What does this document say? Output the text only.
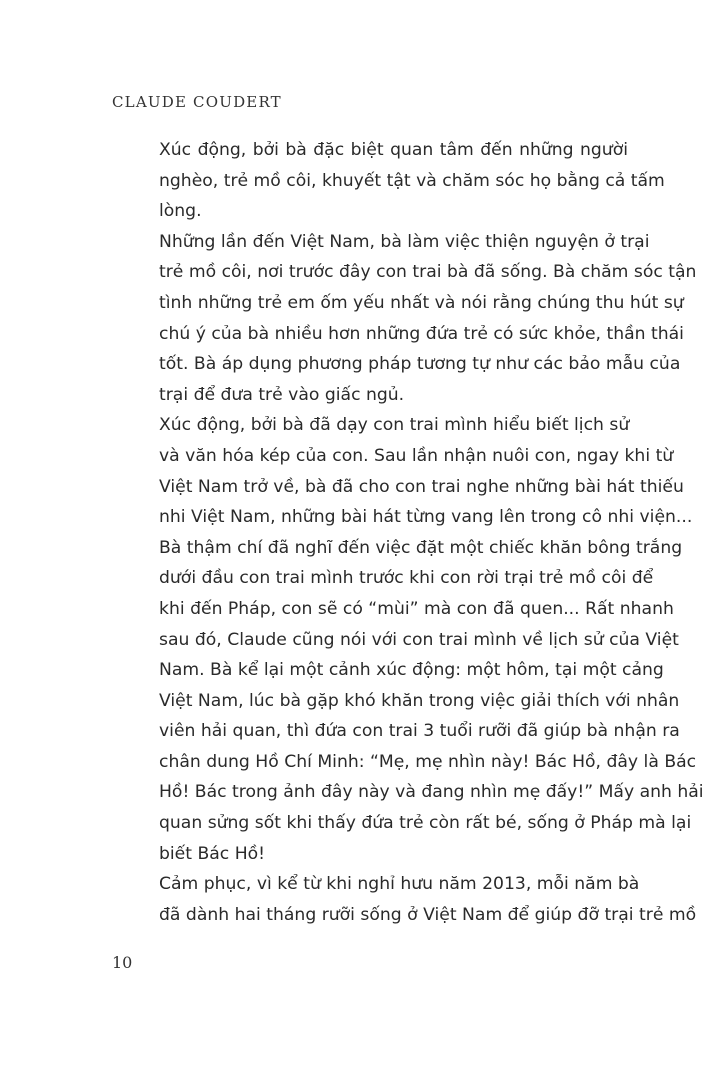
CLAUDE COUDERT

Xúc động, bởi bà đặc biệt quan tâm đến những người
nghèo, trẻ mồ côi, khuyết tật và chăm sóc họ bằng cả tấm
lòng.

Những lần đến Việt Nam, bà làm việc thiện nguyện ở trại
trẻ mồ côi, nơi trước đây con trai bà đã sống. Bà chăm sóc tận
tình những trẻ em ốm yếu nhất và nói rằng chúng thu hút sự
chú ý của bà nhiều hơn những đứa trẻ có sức khỏe, thần thái
tốt. Bà áp dụng phương pháp tương tự như các bảo mẫu của
trại để đưa trẻ vào giấc ngủ.

Xúc động, bởi bà đã dạy con trai mình hiểu biết lịch sử
và văn hóa kép của con. Sau lần nhận nuôi con, ngay khi từ
Việt Nam trở về, bà đã cho con trai nghe những bài hát thiếu
nhi Việt Nam, những bài hát từng vang lên trong cô nhi viện...
Bà thậm chí đã nghĩ đến việc đặt một chiếc khăn bông trắng
dưới đầu con trai mình trước khi con rời trại trẻ mồ côi để
khi đến Pháp, con sẽ có “mùi” mà con đã quen... Rất nhanh
sau đó, Claude cũng nói với con trai mình về lịch sử của Việt
Nam. Bà kể lại một cảnh xúc động: một hôm, tại một cảng
Việt Nam, lúc bà gặp khó khăn trong việc giải thích với nhân
viên hải quan, thì đứa con trai 3 tuổi rưỡi đã giúp bà nhận ra
chân dung Hồ Chí Minh: “Mẹ, mẹ nhìn này! Bác Hồ, đây là Bác
Hồ! Bác trong ảnh đây này và đang nhìn mẹ đấy!” Mấy anh hải
quan sửng sốt khi thấy đứa trẻ còn rất bé, sống ở Pháp mà lại
biết Bác Hồ!

Cảm phục, vì kể từ khi nghỉ hưu năm 2013, mỗi năm bà
đã dành hai tháng rưỡi sống ở Việt Nam để giúp đỡ trại trẻ mồ

10
